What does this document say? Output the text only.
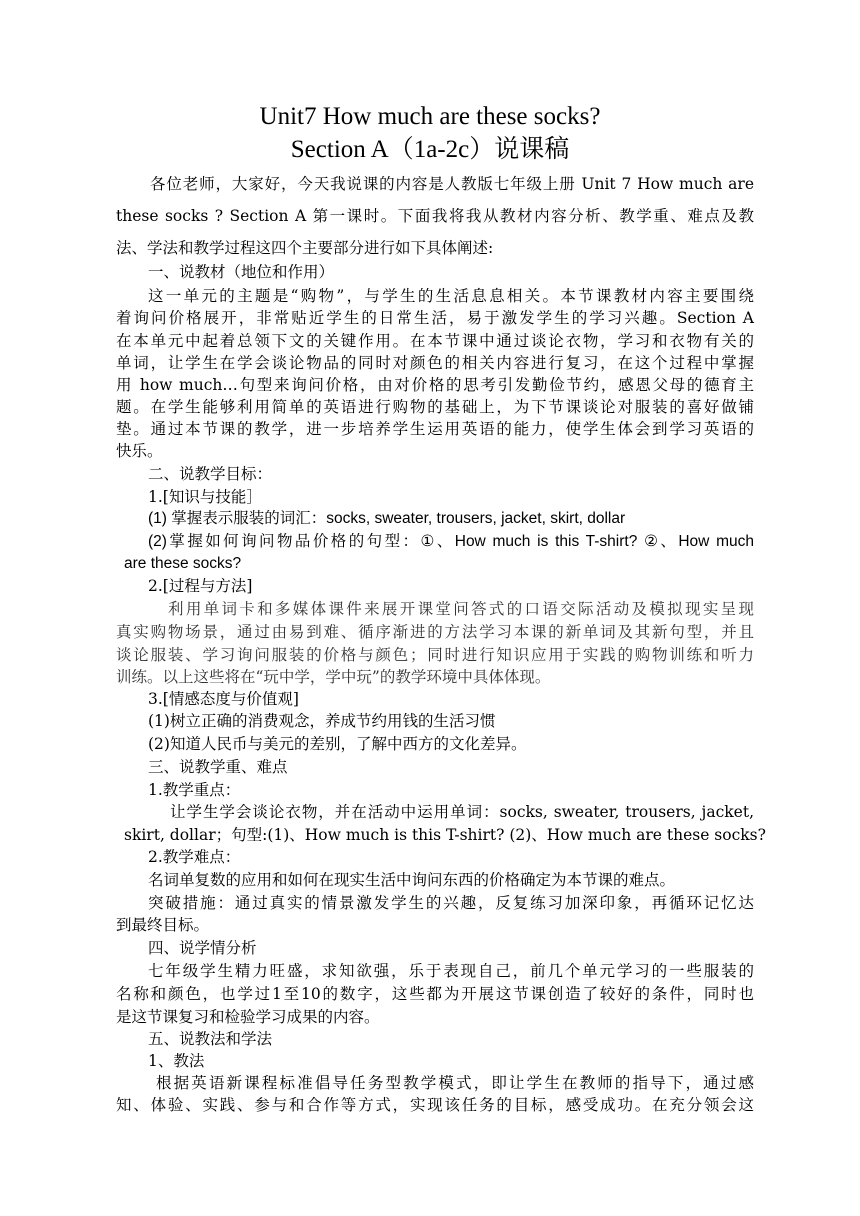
Unit7 How much are these socks?
Section A（1a-2c）说课稿
各位老师，大家好，今天我说课的内容是人教版七年级上册 Unit 7 How much are
these socks ? Section A 第一课时。下面我将我从教材内容分析、教学重、难点及教
法、学法和教学过程这四个主要部分进行如下具体阐述:
一、说教材（地位和作用）
这一单元的主题是“购物”，与学生的生活息息相关。本节课教材内容主要围绕
着询问价格展开，非常贴近学生的日常生活，易于激发学生的学习兴趣。Section A
在本单元中起着总领下文的关键作用。在本节课中通过谈论衣物，学习和衣物有关的
单词，让学生在学会谈论物品的同时对颜色的相关内容进行复习，在这个过程中掌握
用 how much…句型来询问价格，由对价格的思考引发勤俭节约，感恩父母的德育主
题。在学生能够利用简单的英语进行购物的基础上，为下节课谈论对服装的喜好做铺
垫。通过本节课的教学，进一步培养学生运用英语的能力，使学生体会到学习英语的
快乐。
二、说教学目标：
1.[知识与技能］
(1) 掌握表示服装的词汇：socks, sweater, trousers, jacket, skirt, dollar
(2)掌握如何询问物品价格的句型：①、How much is this T-shirt? ②、How much
are these socks?
2.[过程与方法]
利用单词卡和多媒体课件来展开课堂问答式的口语交际活动及模拟现实呈现
真实购物场景，通过由易到难、循序渐进的方法学习本课的新单词及其新句型，并且
谈论服装、学习询问服装的价格与颜色；同时进行知识应用于实践的购物训练和听力
训练。以上这些将在“玩中学，学中玩”的教学环境中具体体现。
3.[情感态度与价值观]
(1)树立正确的消费观念，养成节约用钱的生活习惯
(2)知道人民币与美元的差别，了解中西方的文化差异。
三、说教学重、难点
1.教学重点：
让学生学会谈论衣物，并在活动中运用单词：socks, sweater, trousers, jacket,
skirt, dollar；句型:(1)、How much is this T-shirt? (2)、How much are these socks?
2.教学难点：
名词单复数的应用和如何在现实生活中询问东西的价格确定为本节课的难点。
突破措施：通过真实的情景激发学生的兴趣，反复练习加深印象，再循环记忆达
到最终目标。
四、说学情分析
七年级学生精力旺盛，求知欲强，乐于表现自己，前几个单元学习的一些服装的
名称和颜色，也学过1至10的数字，这些都为开展这节课创造了较好的条件，同时也
是这节课复习和检验学习成果的内容。
五、说教法和学法
1、教法
根据英语新课程标准倡导任务型教学模式，即让学生在教师的指导下，通过感
知、体验、实践、参与和合作等方式，实现该任务的目标，感受成功。在充分领会这
